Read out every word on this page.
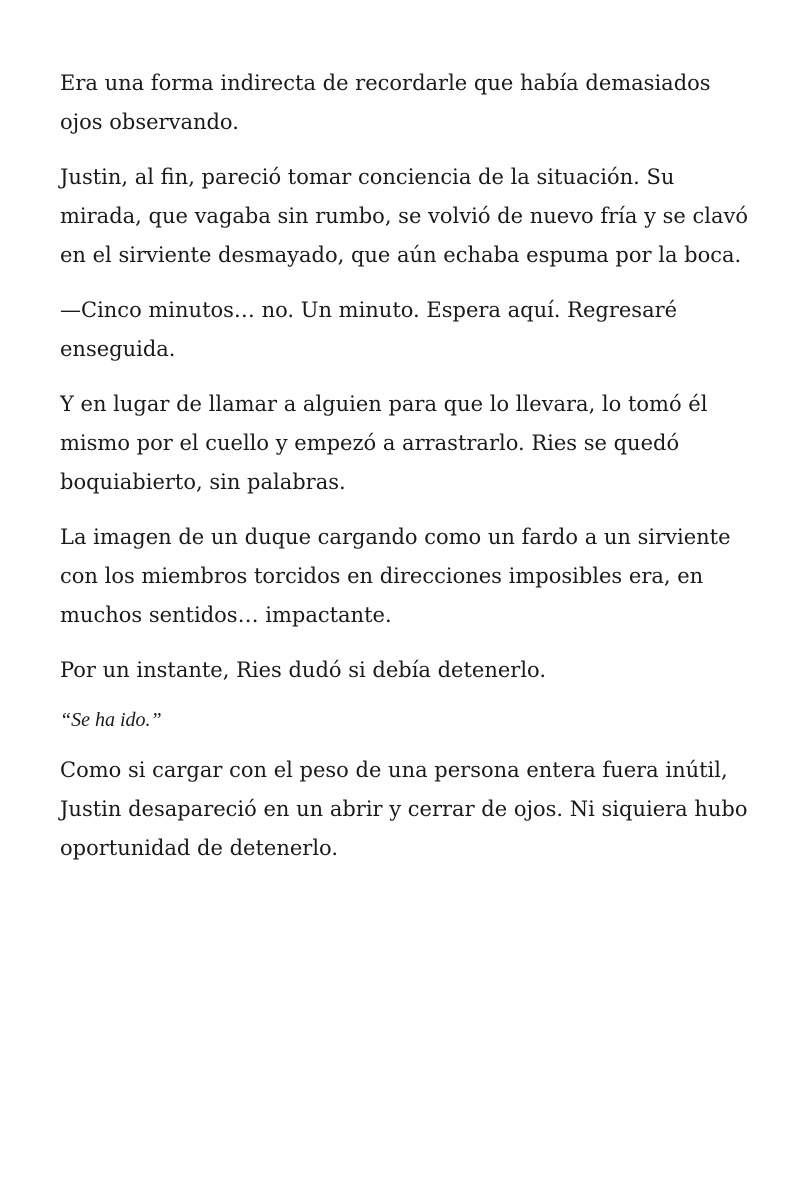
Era una forma indirecta de recordarle que había demasiados ojos observando.

Justin, al fin, pareció tomar conciencia de la situación. Su mirada, que vagaba sin rumbo, se volvió de nuevo fría y se clavó en el sirviente desmayado, que aún echaba espuma por la boca.

—Cinco minutos… no. Un minuto. Espera aquí. Regresaré enseguida.

Y en lugar de llamar a alguien para que lo llevara, lo tomó él mismo por el cuello y empezó a arrastrarlo. Ries se quedó boquiabierto, sin palabras.

La imagen de un duque cargando como un fardo a un sirviente con los miembros torcidos en direcciones imposibles era, en muchos sentidos… impactante.

Por un instante, Ries dudó si debía detenerlo.

“Se ha ido.”

Como si cargar con el peso de una persona entera fuera inútil, Justin desapareció en un abrir y cerrar de ojos. Ni siquiera hubo oportunidad de detenerlo.
